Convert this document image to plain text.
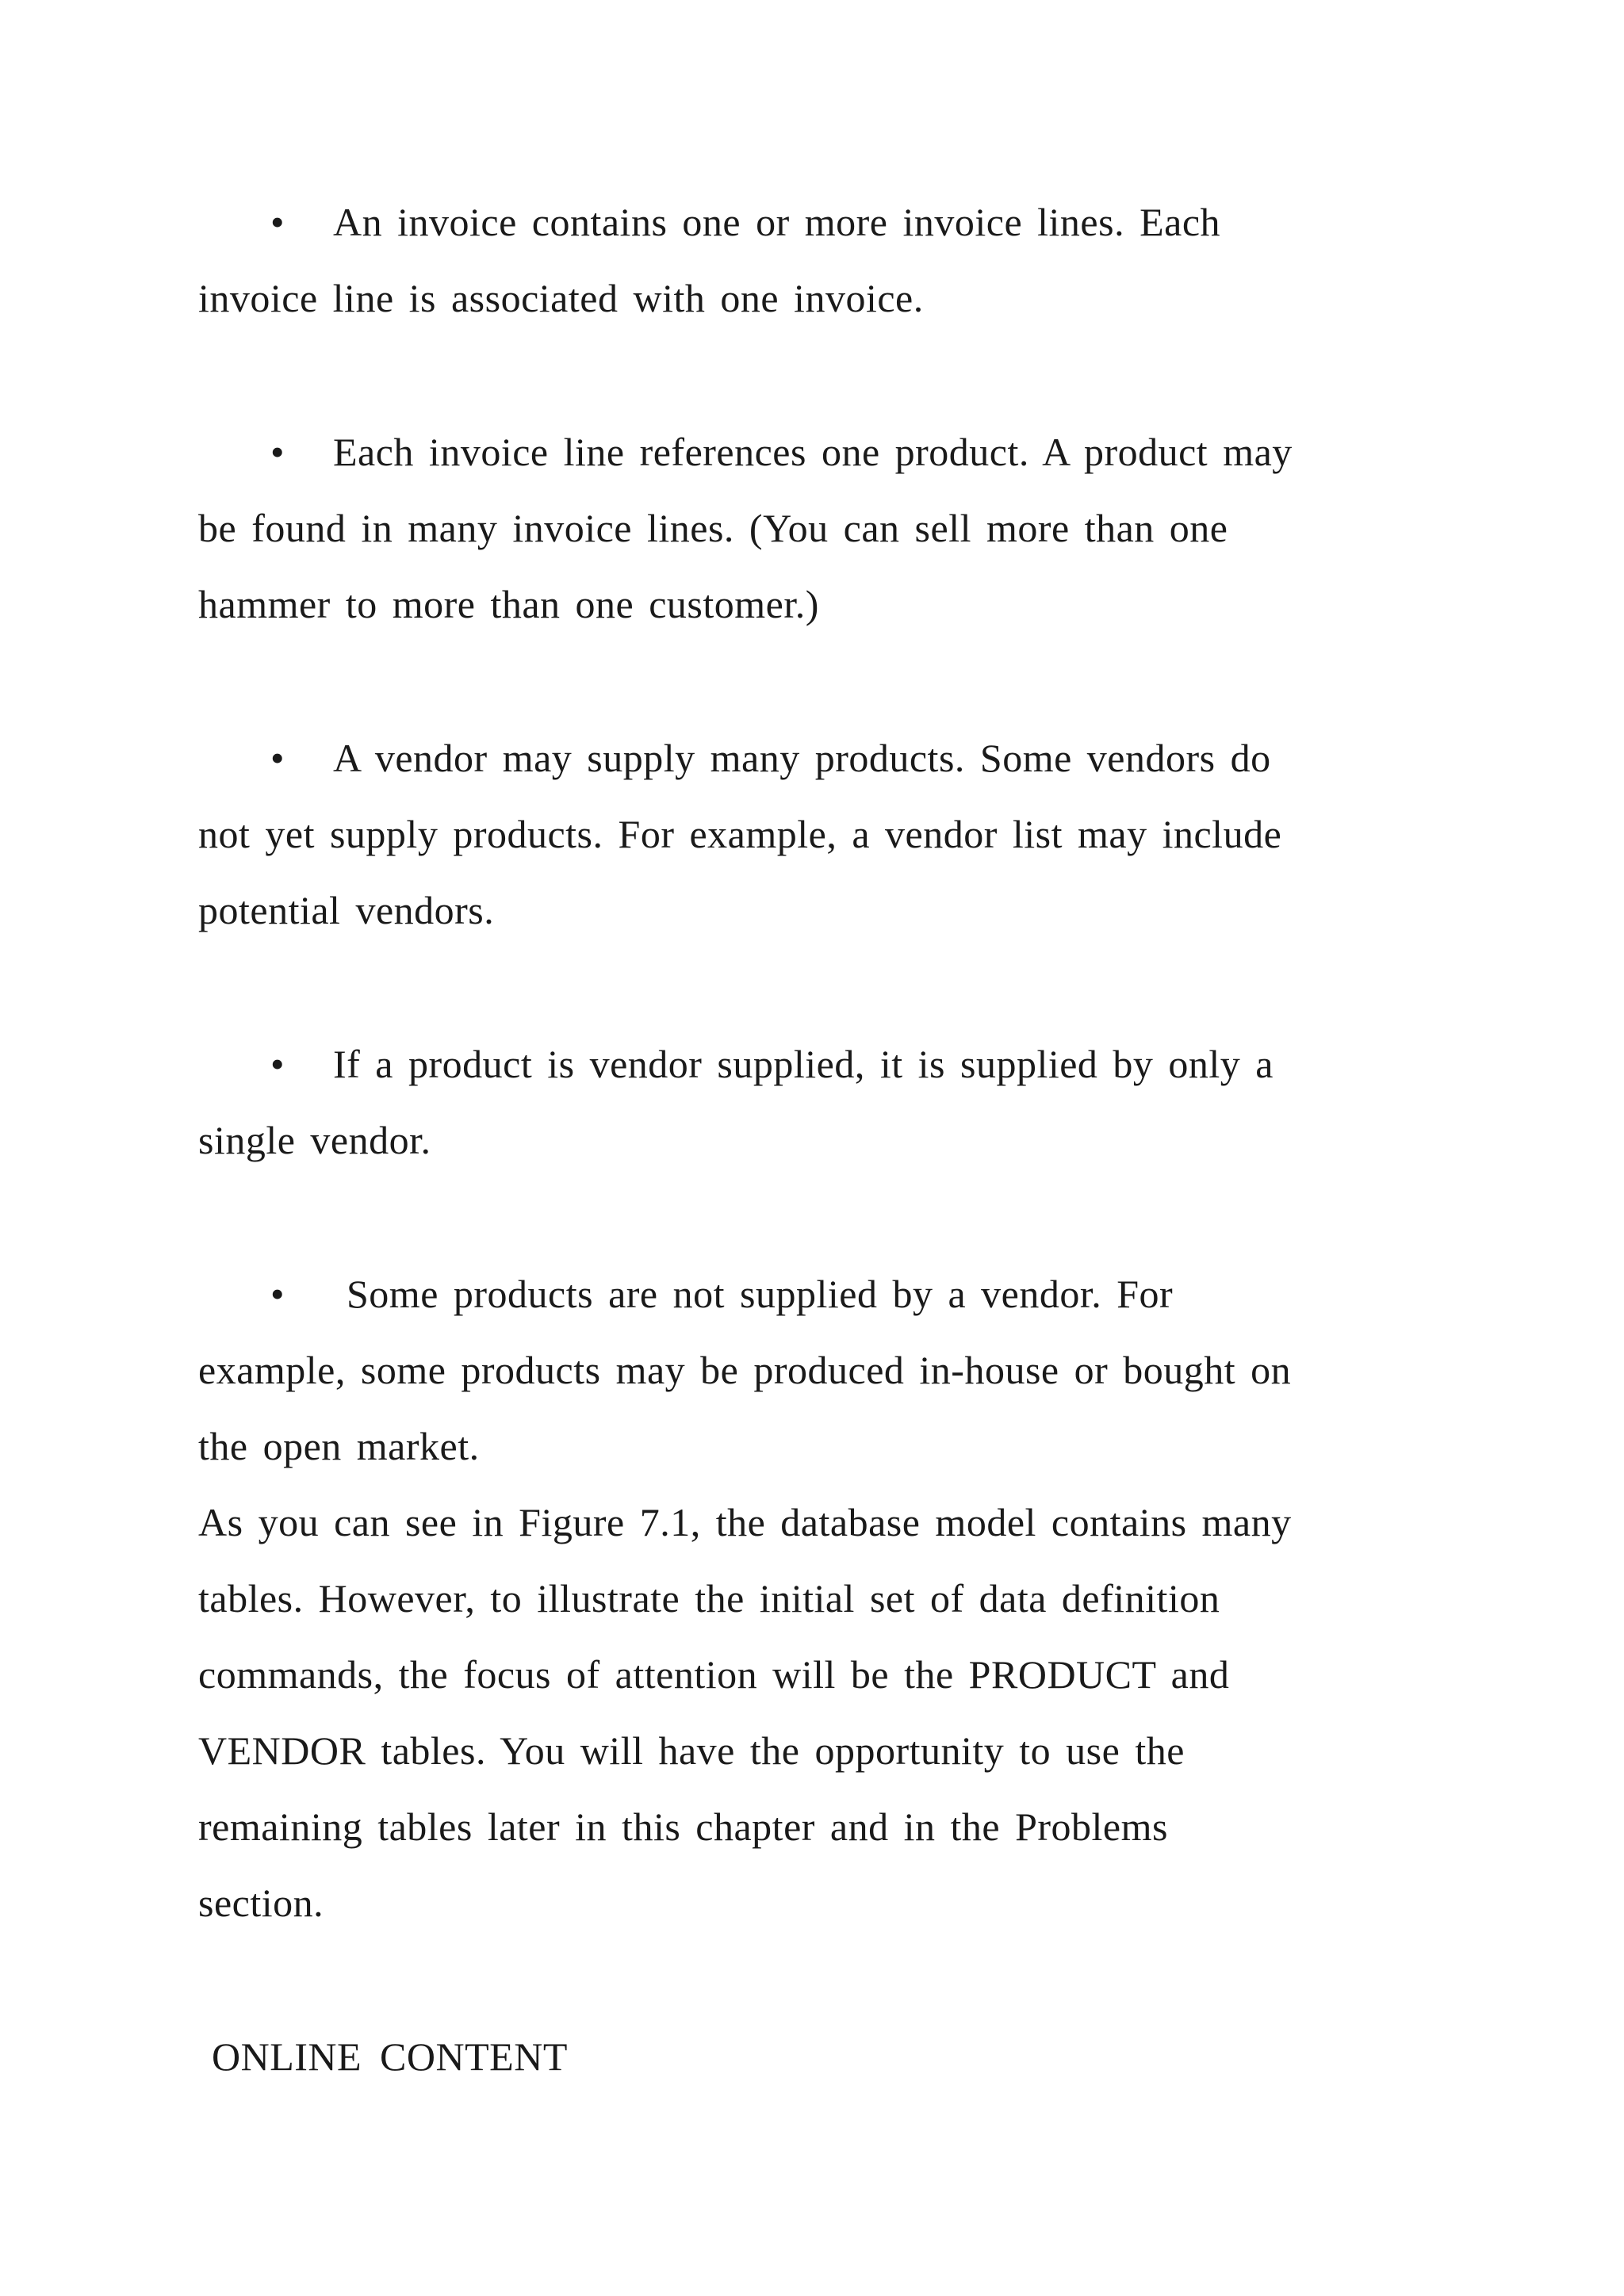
• An invoice contains one or more invoice lines. Each
invoice line is associated with one invoice.
• Each invoice line references one product. A product may
be found in many invoice lines. (You can sell more than one
hammer to more than one customer.)
• A vendor may supply many products. Some vendors do
not yet supply products. For example, a vendor list may include
potential vendors.
• If a product is vendor supplied, it is supplied by only a
single vendor.
• Some products are not supplied by a vendor. For
example, some products may be produced in-house or bought on
the open market.
As you can see in Figure 7.1, the database model contains many
tables. However, to illustrate the initial set of data definition
commands, the focus of attention will be the PRODUCT and
VENDOR tables. You will have the opportunity to use the
remaining tables later in this chapter and in the Problems
section.
ONLINE CONTENT
